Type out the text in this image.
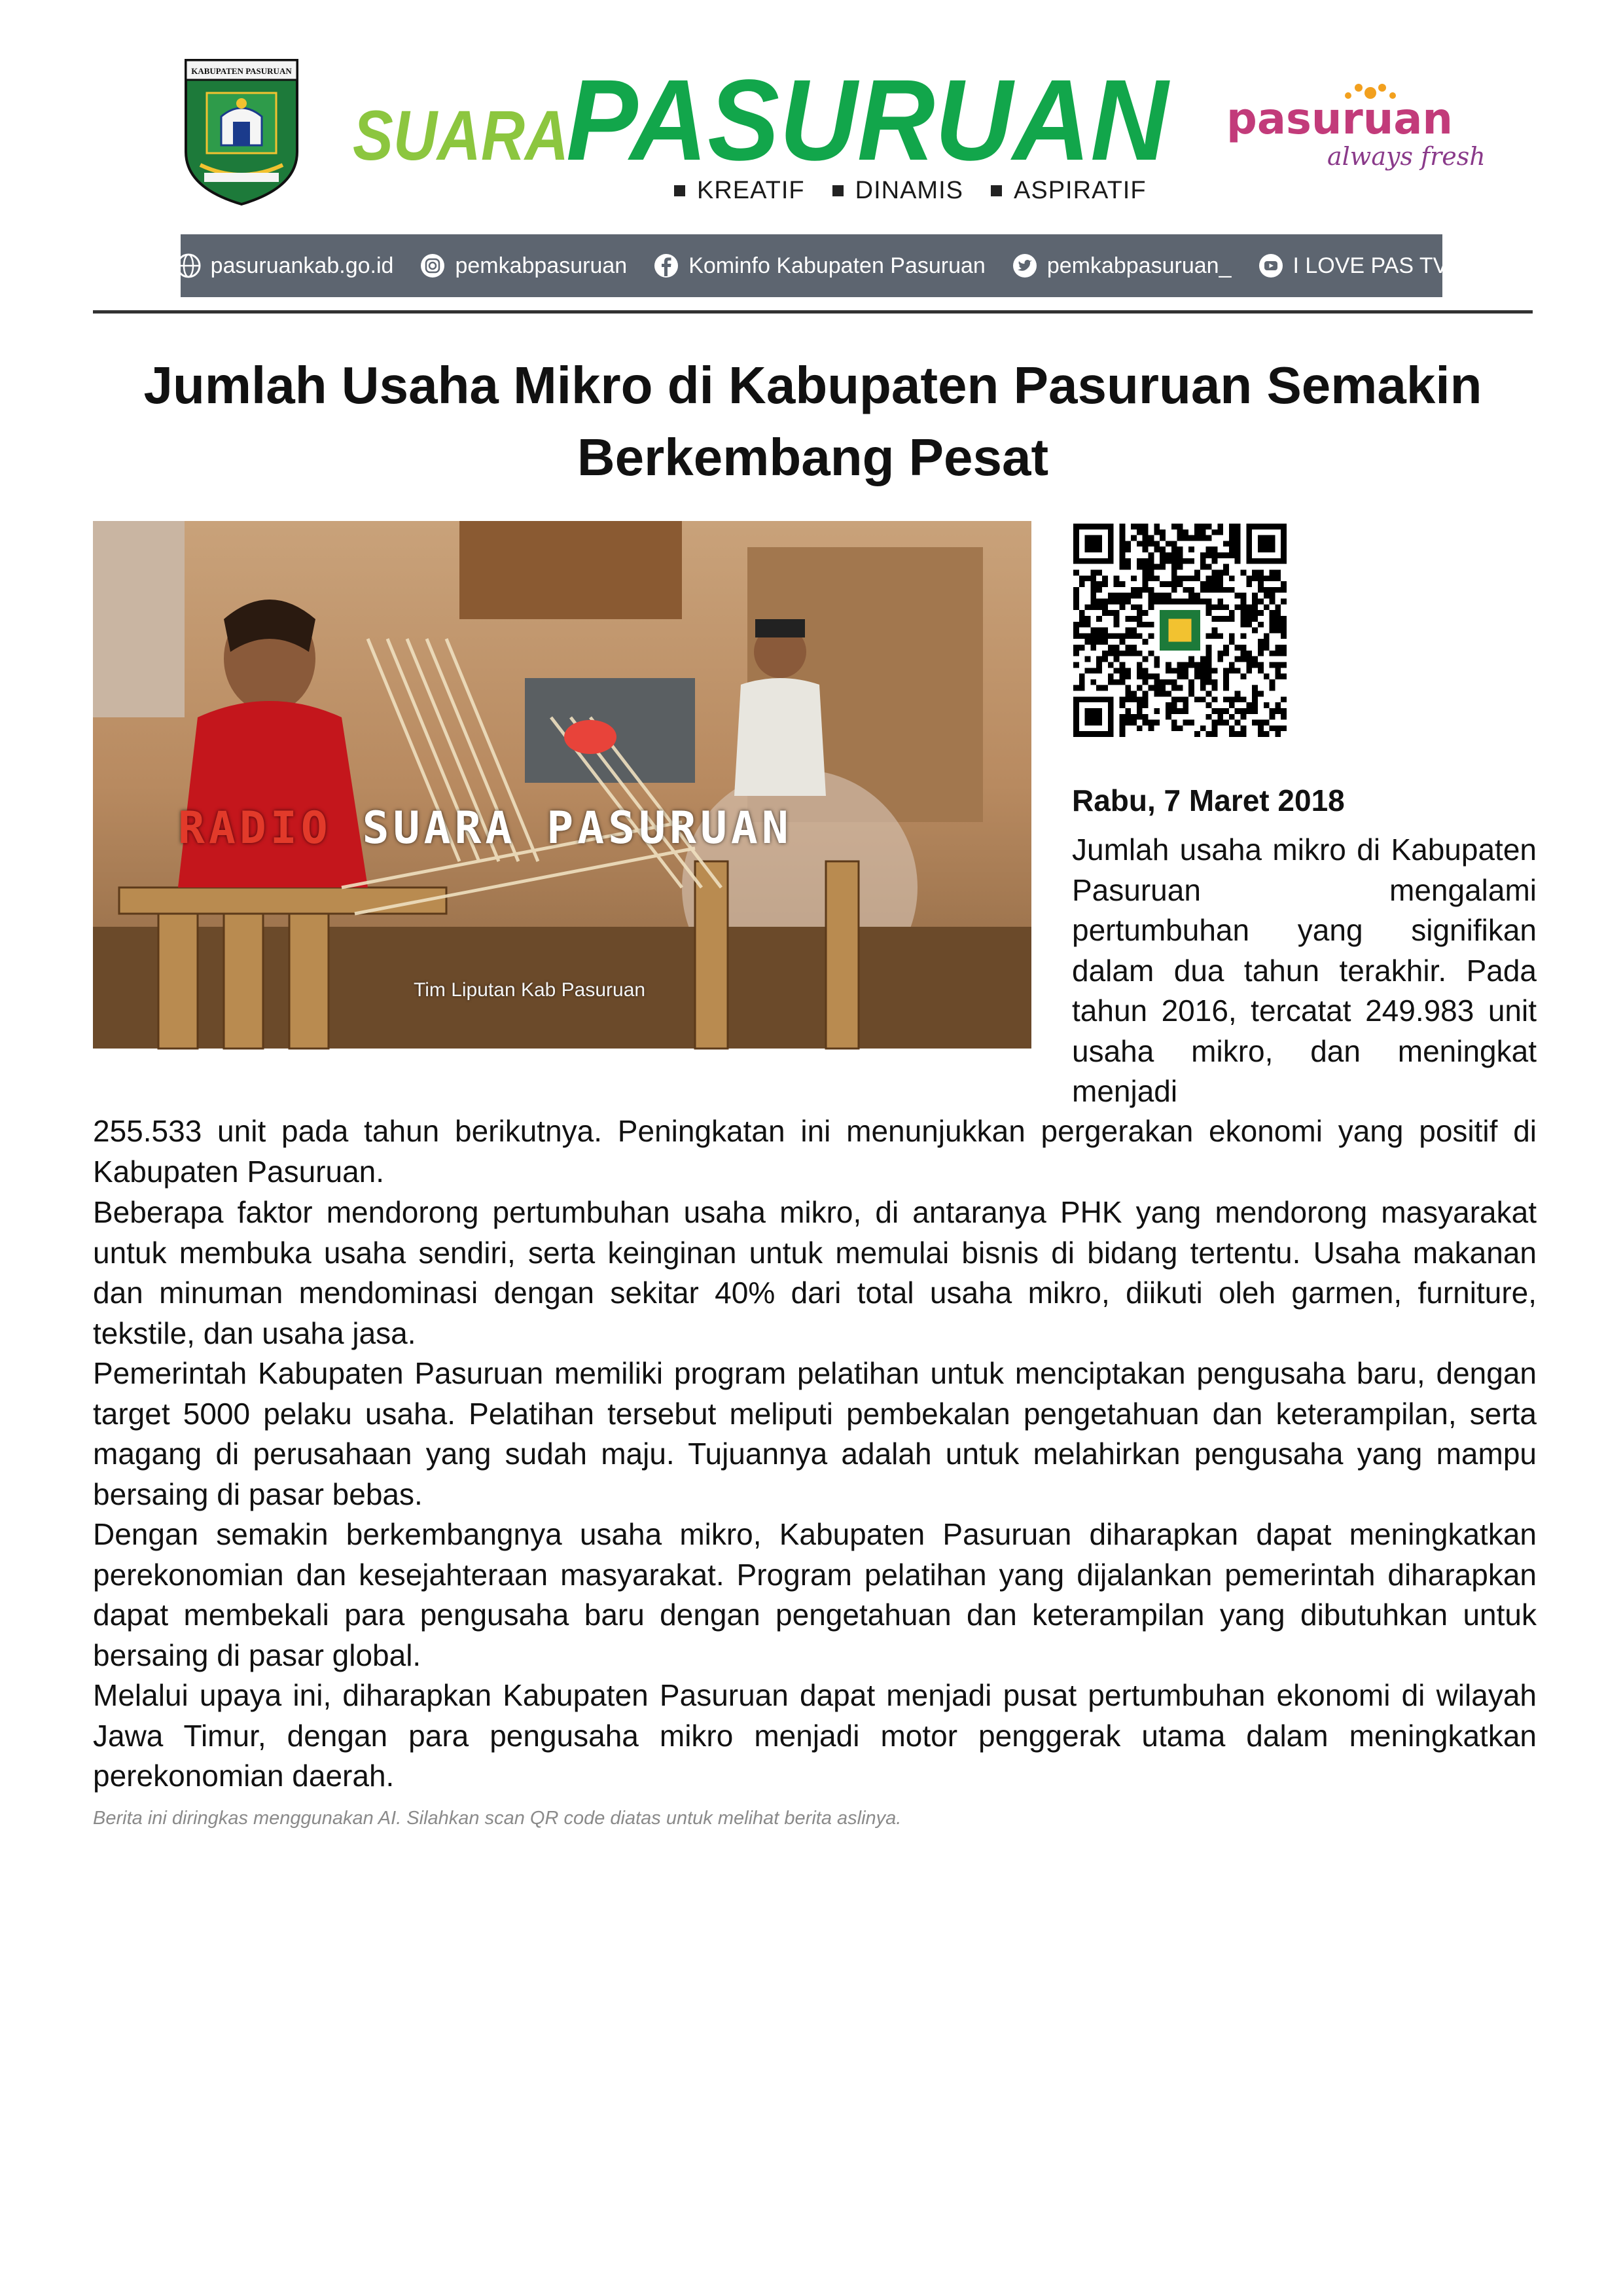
KABUPATEN PASURUAN
SUARA
PASURUAN
KREATIF DINAMIS ASPIRATIF
pasuruan
always fresh
pasuruankab.go.id	pemkabpasuruan	Kominfo Kabupaten Pasuruan	pemkabpasuruan_	I LOVE PAS TV
Jumlah Usaha Mikro di Kabupaten Pasuruan Semakin Berkembang Pesat
RADIO SUARA PASURUAN
Tim Liputan Kab Pasuruan
Rabu, 7 Maret 2018

Jumlah usaha mikro di Kabupaten Pasuruan mengalami pertumbuhan yang signifikan dalam dua tahun terakhir. Pada tahun 2016, tercatat 249.983 unit usaha mikro, dan meningkat menjadi

255.533 unit pada tahun berikutnya. Peningkatan ini menunjukkan pergerakan ekonomi yang positif di Kabupaten Pasuruan.

Beberapa faktor mendorong pertumbuhan usaha mikro, di antaranya PHK yang mendorong masyarakat untuk membuka usaha sendiri, serta keinginan untuk memulai bisnis di bidang tertentu. Usaha makanan dan minuman mendominasi dengan sekitar 40% dari total usaha mikro, diikuti oleh garmen, furniture, tekstile, dan usaha jasa.

Pemerintah Kabupaten Pasuruan memiliki program pelatihan untuk menciptakan pengusaha baru, dengan target 5000 pelaku usaha. Pelatihan tersebut meliputi pembekalan pengetahuan dan keterampilan, serta magang di perusahaan yang sudah maju. Tujuannya adalah untuk melahirkan pengusaha yang mampu bersaing di pasar bebas.

Dengan semakin berkembangnya usaha mikro, Kabupaten Pasuruan diharapkan dapat meningkatkan perekonomian dan kesejahteraan masyarakat. Program pelatihan yang dijalankan pemerintah diharapkan dapat membekali para pengusaha baru dengan pengetahuan dan keterampilan yang dibutuhkan untuk bersaing di pasar global.

Melalui upaya ini, diharapkan Kabupaten Pasuruan dapat menjadi pusat pertumbuhan ekonomi di wilayah Jawa Timur, dengan para pengusaha mikro menjadi motor penggerak utama dalam meningkatkan perekonomian daerah.

Berita ini diringkas menggunakan AI. Silahkan scan QR code diatas untuk melihat berita aslinya.
